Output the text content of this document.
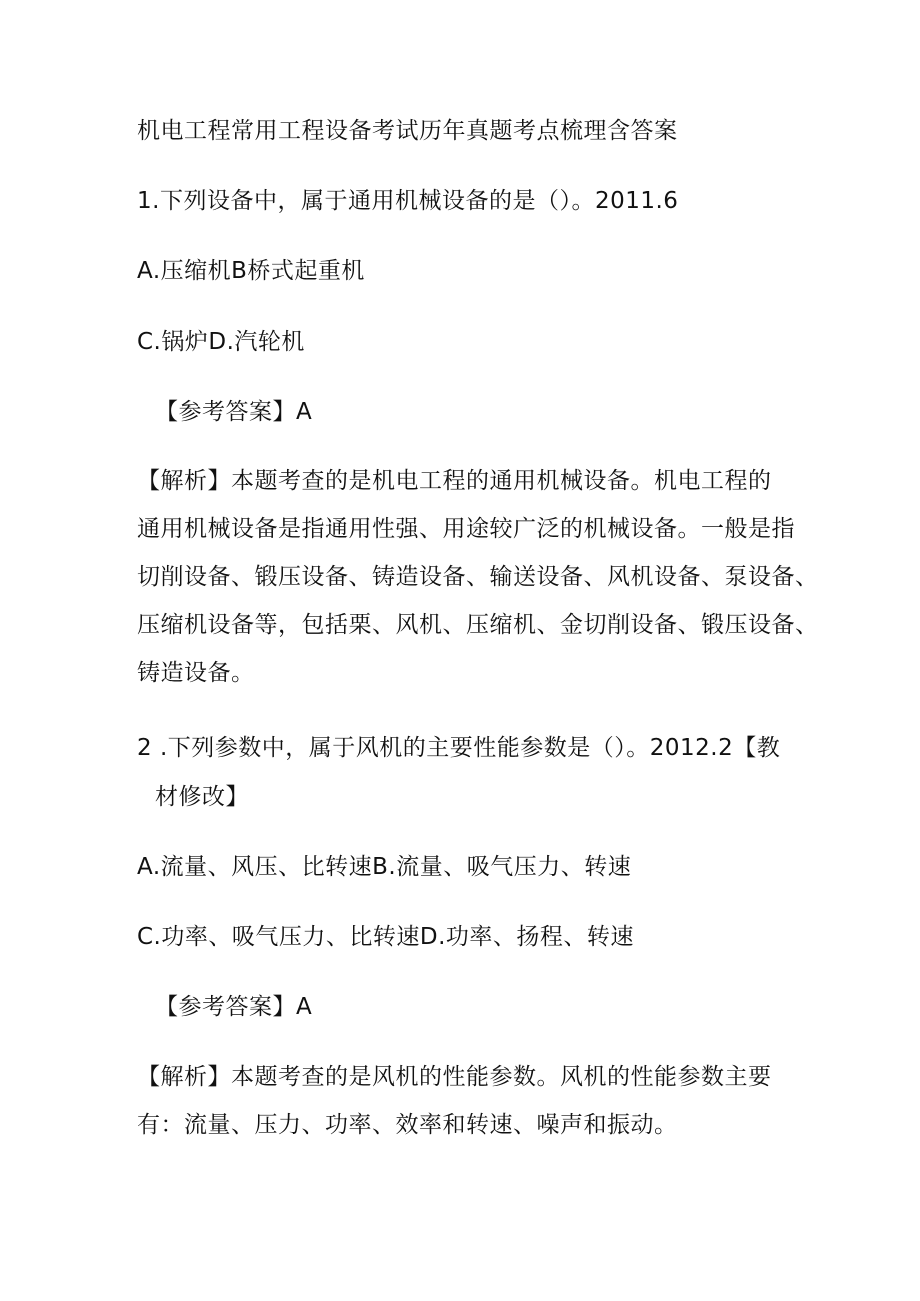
机电工程常用工程设备考试历年真题考点梳理含答案
1.下列设备中，属于通用机械设备的是（）。2011.6
A.压缩机B桥式起重机
C.锅炉D.汽轮机
【参考答案】A
【解析】本题考查的是机电工程的通用机械设备。机电工程的
通用机械设备是指通用性强、用途较广泛的机械设备。一般是指
切削设备、锻压设备、铸造设备、输送设备、风机设备、泵设备、
压缩机设备等，包括栗、风机、压缩机、金切削设备、锻压设备、
铸造设备。
2 .下列参数中，属于风机的主要性能参数是（）。2012.2【教
材修改】
A.流量、风压、比转速B.流量、吸气压力、转速
C.功率、吸气压力、比转速D.功率、扬程、转速
【参考答案】A
【解析】本题考查的是风机的性能参数。风机的性能参数主要
有：流量、压力、功率、效率和转速、噪声和振动。
